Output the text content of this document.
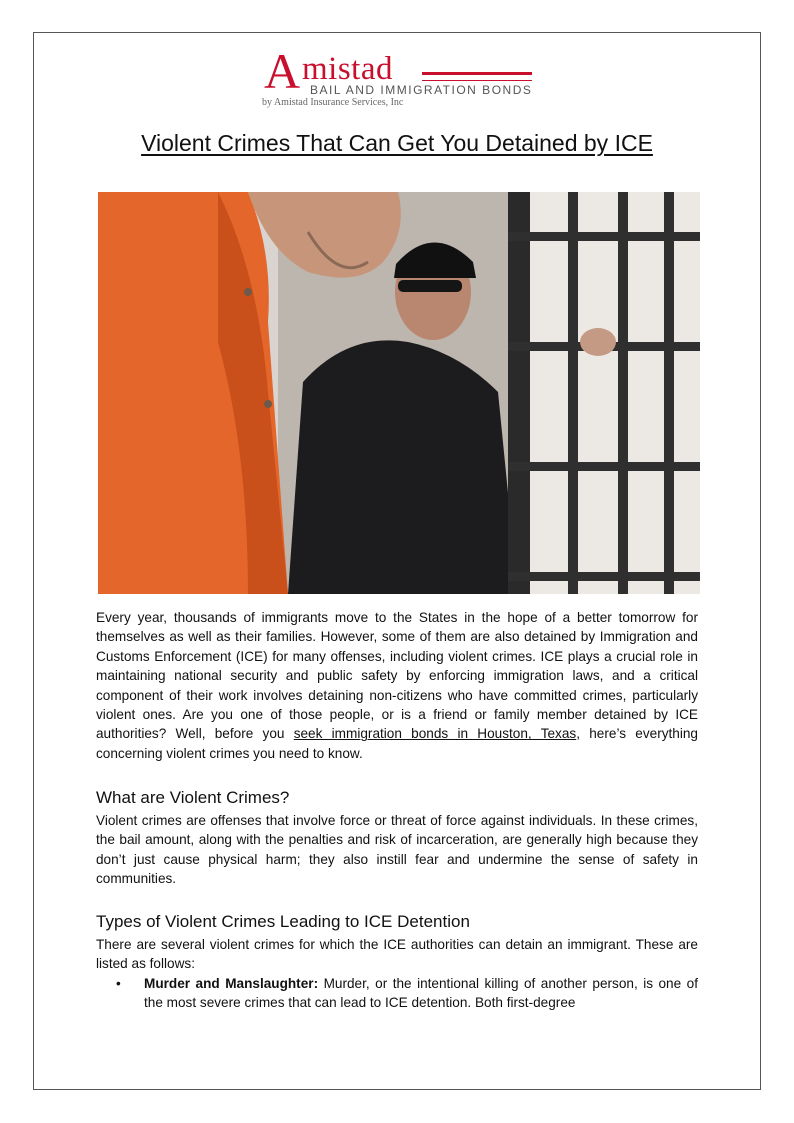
A mistad
BAIL AND IMMIGRATION BONDS
by Amistad Insurance Services, Inc
Violent Crimes That Can Get You Detained by ICE
Every year, thousands of immigrants move to the States in the hope of a better tomorrow for themselves as well as their families. However, some of them are also detained by Immigration and Customs Enforcement (ICE) for many offenses, including violent crimes. ICE plays a crucial role in maintaining national security and public safety by enforcing immigration laws, and a critical component of their work involves detaining non-citizens who have committed crimes, particularly violent ones. Are you one of those people, or is a friend or family member detained by ICE authorities? Well, before you seek immigration bonds in Houston, Texas, here’s everything concerning violent crimes you need to know.
What are Violent Crimes?
Violent crimes are offenses that involve force or threat of force against individuals. In these crimes, the bail amount, along with the penalties and risk of incarceration, are generally high because they don’t just cause physical harm; they also instill fear and undermine the sense of safety in communities.
Types of Violent Crimes Leading to ICE Detention
There are several violent crimes for which the ICE authorities can detain an immigrant. These are listed as follows:
• Murder and Manslaughter: Murder, or the intentional killing of another person, is one of the most severe crimes that can lead to ICE detention. Both first-degree
